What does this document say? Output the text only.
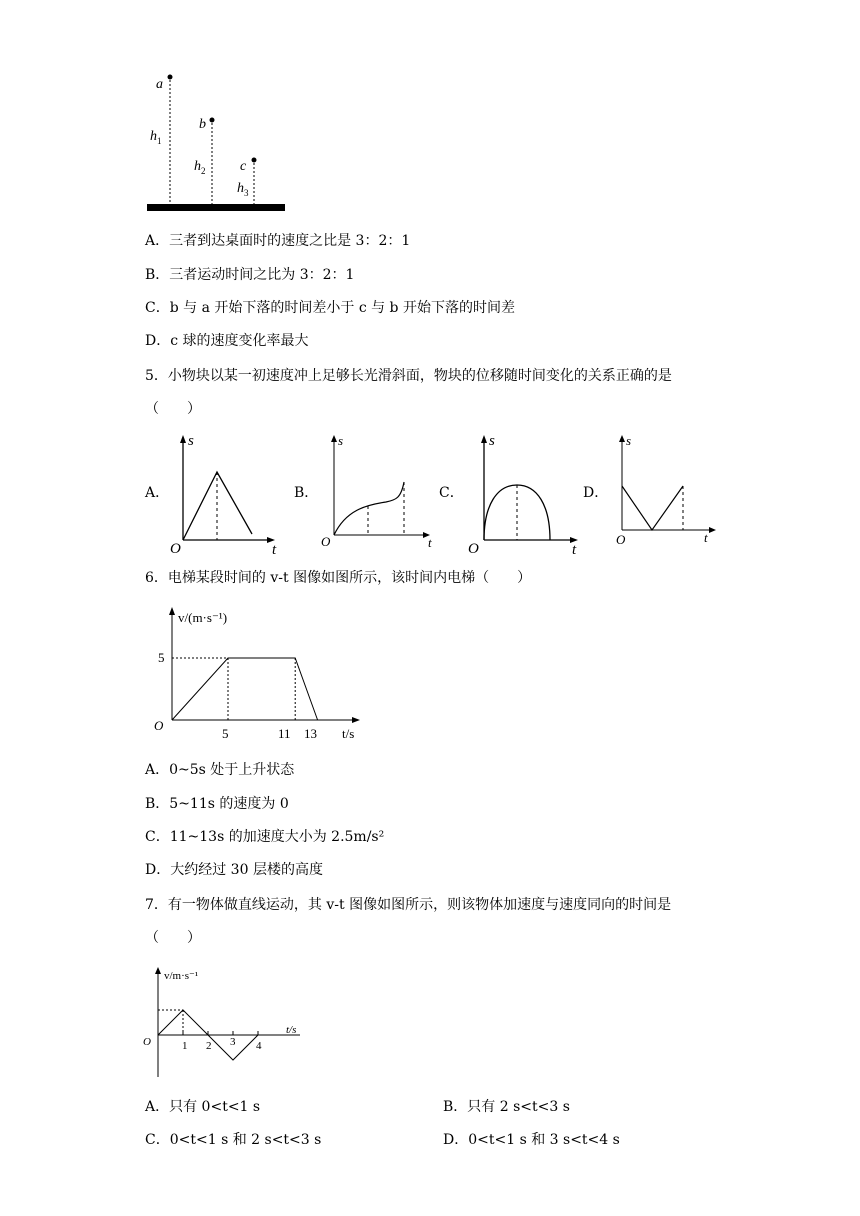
a
b
c
$h_1$
$h_2$
$h_3$
A．三者到达桌面时的速度之比是 3：2：1
B．三者运动时间之比为 3：2：1
C．b 与 a 开始下落的时间差小于 c 与 b 开始下落的时间差
D．c 球的速度变化率最大
5．小物块以某一初速度冲上足够长光滑斜面，物块的位移随时间变化的关系正确的是
（　　）
A．
s
t
O
B．
s
t
O
C．
s
t
O
D．
s
t
O
6．电梯某段时间的 v-t 图像如图所示，该时间内电梯（　　）
v/(m·s⁻¹)
t/s
O
5
5	11 13
A．0~5s 处于上升状态
B．5~11s 的速度为 0
C．11~13s 的加速度大小为 2.5m/s²
D．大约经过 30 层楼的高度
7．有一物体做直线运动，其 v-t 图像如图所示，则该物体加速度与速度同向的时间是
（　　）
v/m·s⁻¹
t/s
O	1 2 3 4
A．只有 0<t<1 s	B．只有 2 s<t<3 s
C．0<t<1 s 和 2 s<t<3 s	D．0<t<1 s 和 3 s<t<4 s
